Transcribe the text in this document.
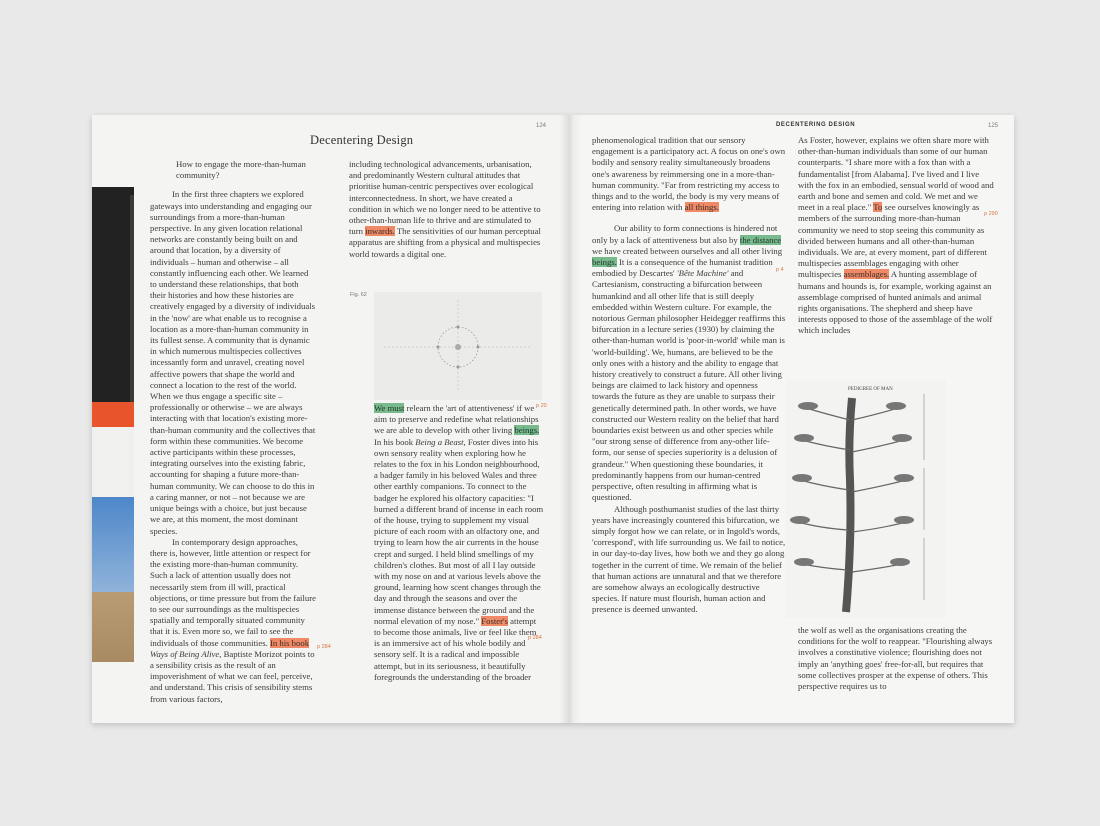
Decentering Design
124

How to engage the more-than-human community?

In the first three chapters we explored gateways into understanding and engaging our surroundings from a more-than-human perspective. In any given location relational networks are constantly being built on and around that location, by a diversity of individuals – human and otherwise – all constantly influencing each other. We learned to understand these relationships, that both their histories and how these histories are creatively engaged by a diversity of individuals in the 'now' are what enable us to recognise a location as a more-than-human community in its fullest sense. A community that is dynamic in which numerous multispecies collectives incessantly form and unravel, creating novel affective powers that shape the world and connect a location to the rest of the world. When we thus engage a specific site – professionally or otherwise – we are always interacting with that location's existing more-than-human community and the collectives that form within these communities. We become active participants within these processes, integrating ourselves into the existing fabric, accounting for shaping a future more-than-human community. We can choose to do this in a caring manner, or not – not because we are unique beings with a choice, but just because we are, at this moment, the most dominant species.

In contemporary design approaches, there is, however, little attention or respect for the existing more-than-human community. Such a lack of attention usually does not necessarily stem from ill will, practical objections, or time pressure but from the failure to see our surroundings as the multispecies spatially and temporally situated community that it is. Even more so, we fail to see the individuals of those communities. In his book Ways of Being Alive, Baptiste Morizot points to a sensibility crisis as the result of an impoverishment of what we can feel, perceive, and understand. This crisis of sensibility stems from various factors,

p 284

including technological advancements, urbanisation, and predominantly Western cultural attitudes that prioritise human-centric perspectives over ecological interconnectedness. In short, we have created a condition in which we no longer need to be attentive to other-than-human life to thrive and are stimulated to turn inwards. The sensitivities of our human perceptual apparatus are shifting from a physical and multispecies world towards a digital one.

Fig. 62

We must relearn the 'art of attentiveness' if we aim to preserve and redefine what relationships we are able to develop with other living beings. In his book Being a Beast, Foster dives into his own sensory reality when exploring how he relates to the fox in his London neighbourhood, a badger family in his beloved Wales and three other earthly companions. To connect to the badger he explored his olfactory capacities: "I burned a different brand of incense in each room of the house, trying to supplement my visual picture of each room with an olfactory one, and trying to learn how the air currents in the house crept and surged. I held blind smellings of my children's clothes. But most of all I lay outside with my nose on and at various levels above the ground, learning how scent changes through the day and through the seasons and over the immense distance between the ground and the normal elevation of my nose." Foster's attempt to become those animals, live or feel like them is an immersive act of his whole bodily and sensory self. It is a radical and impossible attempt, but in its seriousness, it beautifully foregrounds the understanding of the broader

p 20
p 284
DECENTERING DESIGN	125

phenomenological tradition that our sensory engagement is a participatory act. A focus on one's own bodily and sensory reality simultaneously broadens one's awareness by reimmersing one in a more-than-human community. "Far from restricting my access to things and to the world, the body is my very means of entering into relation with all things.

Our ability to form connections is hindered not only by a lack of attentiveness but also by the distance we have created between ourselves and all other living beings. It is a consequence of the humanist tradition embodied by Descartes' 'Bête Machine' and Cartesianism, constructing a bifurcation between humankind and all other life that is still deeply embedded within Western culture. For example, the notorious German philosopher Heidegger reaffirms this bifurcation in a lecture series (1930) by claiming the other-than-human world is 'poor-in-world' while man is 'world-building'. We, humans, are believed to be the only ones with a history and the ability to engage that history creatively to construct a future. All other living beings are claimed to lack history and openness towards the future as they are unable to surpass their genetically determined path. In other words, we have constructed our Western reality on the belief that hard boundaries exist between us and other species while "our strong sense of difference from any-other life-form, our sense of species superiority is a delusion of grandeur." When questioning these boundaries, it predominantly happens from our human-centred perspective, often resulting in affirming what is questioned.

Although posthumanist studies of the last thirty years have increasingly countered this bifurcation, we simply forgot how we can relate, or in Ingold's words, 'correspond', with life surrounding us. We fail to notice, in our day-to-day lives, how both we and they go along together in the current of time. We remain of the belief that human actions are unnatural and that we therefore are somehow always an ecologically destructive species. If nature must flourish, human action and presence is deemed unwanted.

p 4

As Foster, however, explains we often share more with other-than-human individuals than some of our human counterparts. "I share more with a fox than with a fundamentalist [from Alabama]. I've lived and I live with the fox in an embodied, sensual world of wood and earth and bone and semen and cold. We met and we meet in a real place." To see ourselves knowingly as members of the surrounding more-than-human community we need to stop seeing this community as divided between humans and all other-than-human individuals. We are, at every moment, part of different multispecies assemblages engaging with other multispecies assemblages. A hunting assemblage of humans and hounds is, for example, working against an assemblage comprised of hunted animals and animal rights organisations. The shepherd and sheep have interests opposed to those of the assemblage of the wolf which includes

p 290
PEDIGREE OF MAN

the wolf as well as the organisations creating the conditions for the wolf to reappear. "Flourishing always involves a constitutive violence; flourishing does not imply an 'anything goes' free-for-all, but requires that some collectives prosper at the expense of others. This perspective requires us to
